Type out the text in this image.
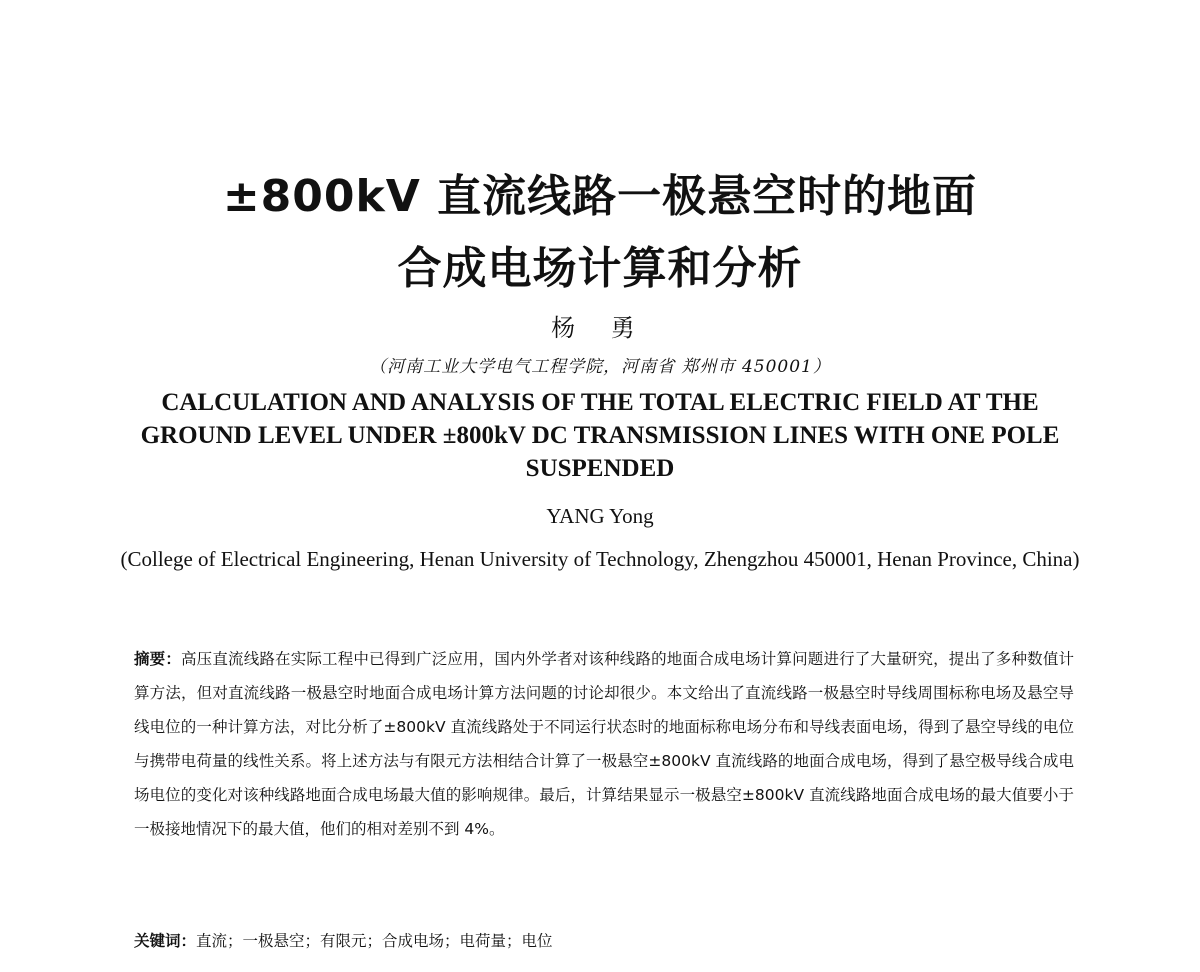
±800kV 直流线路一极悬空时的地面
合成电场计算和分析
杨 勇
（河南工业大学电气工程学院，河南省 郑州市 450001）
CALCULATION AND ANALYSIS OF THE TOTAL ELECTRIC FIELD AT THE GROUND LEVEL UNDER ±800kV DC TRANSMISSION LINES WITH ONE POLE SUSPENDED
YANG Yong
(College of Electrical Engineering, Henan University of Technology, Zhengzhou 450001, Henan Province, China)
摘要：高压直流线路在实际工程中已得到广泛应用，国内外学者对该种线路的地面合成电场计算问题进行了大量研究，提出了多种数值计算方法，但对直流线路一极悬空时地面合成电场计算方法问题的讨论却很少。本文给出了直流线路一极悬空时导线周围标称电场及悬空导线电位的一种计算方法，对比分析了±800kV 直流线路处于不同运行状态时的地面标称电场分布和导线表面电场，得到了悬空导线的电位与携带电荷量的线性关系。将上述方法与有限元方法相结合计算了一极悬空±800kV 直流线路的地面合成电场，得到了悬空极导线合成电场电位的变化对该种线路地面合成电场最大值的影响规律。最后，计算结果显示一极悬空±800kV 直流线路地面合成电场的最大值要小于一极接地情况下的最大值，他们的相对差别不到 4%。
关键词：直流；一极悬空；有限元；合成电场；电荷量；电位
